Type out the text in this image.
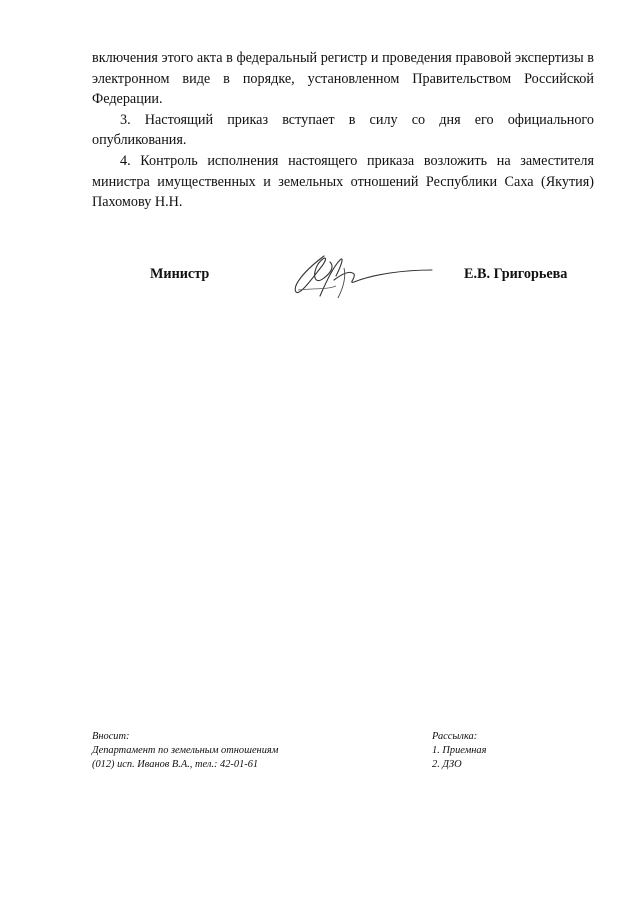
включения этого акта в федеральный регистр и проведения правовой экспертизы в электронном виде в порядке, установленном Правительством Российской Федерации.

3. Настоящий приказ вступает в силу со дня его официального опубликования.

4. Контроль исполнения настоящего приказа возложить на заместителя министра имущественных и земельных отношений Республики Саха (Якутия) Пахомову Н.Н.

Министр	Е.В. Григорьева
Вносит:
Департамент по земельным отношениям
(012) исп. Иванов В.А., тел.: 42-01-61
Рассылка:
1. Приемная
2. ДЗО
